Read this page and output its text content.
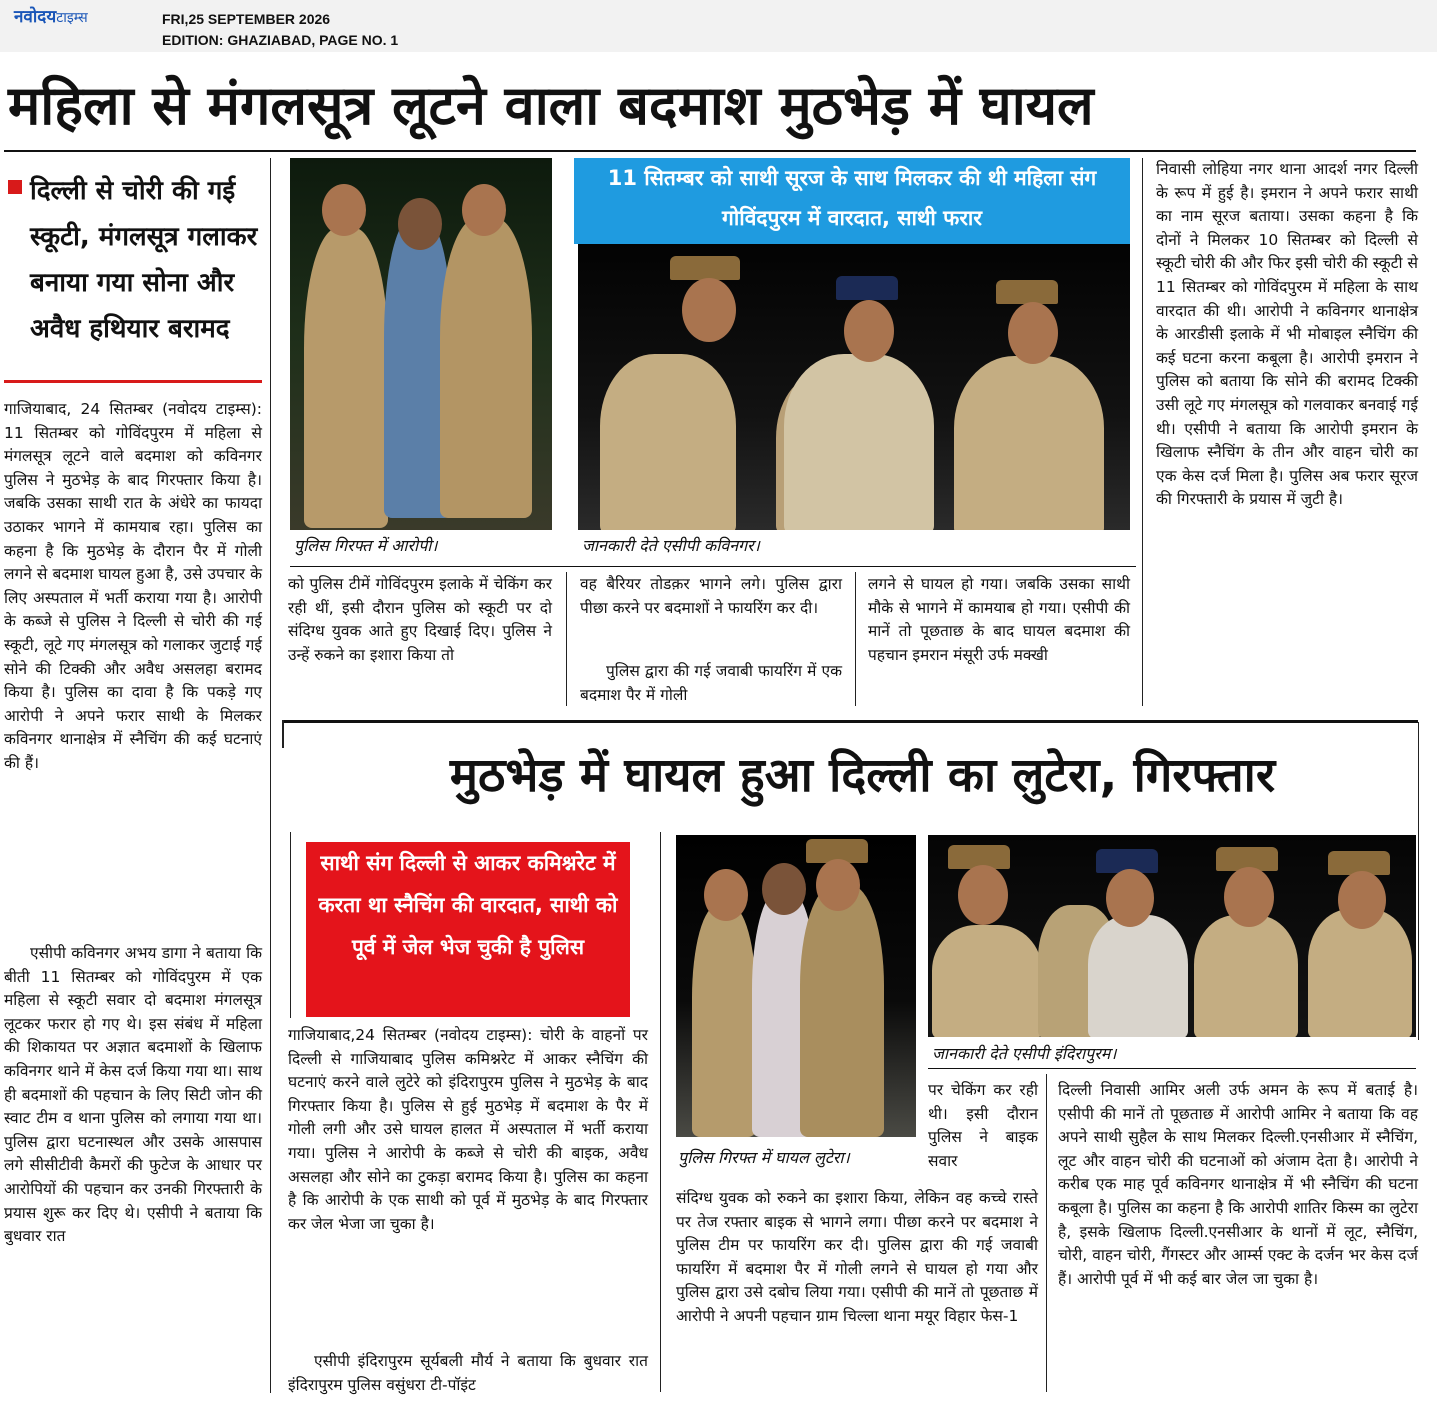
नवोदयटाइम्स	FRI,25 SEPTEMBER 2026
EDITION: GHAZIABAD, PAGE NO. 1
महिला से मंगलसूत्र लूटने वाला बदमाश मुठभेड़ में घायल
दिल्ली से चोरी की गई स्कूटी, मंगलसूत्र गलाकर बनाया गया सोना और अवैध हथियार बरामद

गाजियाबाद, 24 सितम्बर (नवोदय टाइम्स): 11 सितम्बर को गोविंदपुरम में महिला से मंगलसूत्र लूटने वाले बदमाश को कविनगर पुलिस ने मुठभेड़ के बाद गिरफ्तार किया है। जबकि उसका साथी रात के अंधेरे का फायदा उठाकर भागने में कामयाब रहा। पुलिस का कहना है कि मुठभेड़ के दौरान पैर में गोली लगने से बदमाश घायल हुआ है, उसे उपचार के लिए अस्पताल में भर्ती कराया गया है। आरोपी के कब्जे से पुलिस ने दिल्ली से चोरी की गई स्कूटी, लूटे गए मंगलसूत्र को गलाकर जुटाई गई सोने की टिक्की और अवैध असलहा बरामद किया है। पुलिस का दावा है कि पकड़े गए आरोपी ने अपने फरार साथी के मिलकर कविनगर थानाक्षेत्र में स्नैचिंग की कई घटनाएं की हैं।

एसीपी कविनगर अभय डागा ने बताया कि बीती 11 सितम्बर को गोविंदपुरम में एक महिला से स्कूटी सवार दो बदमाश मंगलसूत्र लूटकर फरार हो गए थे। इस संबंध में महिला की शिकायत पर अज्ञात बदमाशों के खिलाफ कविनगर थाने में केस दर्ज किया गया था। साथ ही बदमाशों की पहचान के लिए सिटी जोन की स्वाट टीम व थाना पुलिस को लगाया गया था। पुलिस द्वारा घटनास्थल और उसके आसपास लगे सीसीटीवी कैमरों की फुटेज के आधार पर आरोपियों की पहचान कर उनकी गिरफ्तारी के प्रयास शुरू कर दिए थे। एसीपी ने बताया कि बुधवार रात

पुलिस गिरफ्त में आरोपी।
11 सितम्बर को साथी सूरज के साथ मिलकर की थी महिला संग गोविंदपुरम में वारदात, साथी फरार
जानकारी देते एसीपी कविनगर।

को पुलिस टीमें गोविंदपुरम इलाके में चेकिंग कर रही थीं, इसी दौरान पुलिस को स्कूटी पर दो संदिग्ध युवक आते हुए दिखाई दिए। पुलिस ने उन्हें रुकने का इशारा किया तो

वह बैरियर तोडक़र भागने लगे। पुलिस द्वारा पीछा करने पर बदमाशों ने फायरिंग कर दी।

पुलिस द्वारा की गई जवाबी फायरिंग में एक बदमाश पैर में गोली

लगने से घायल हो गया। जबकि उसका साथी मौके से भागने में कामयाब हो गया। एसीपी की मानें तो पूछताछ के बाद घायल बदमाश की पहचान इमरान मंसूरी उर्फ मक्खी

निवासी लोहिया नगर थाना आदर्श नगर दिल्ली के रूप में हुई है। इमरान ने अपने फरार साथी का नाम सूरज बताया। उसका कहना है कि दोनों ने मिलकर 10 सितम्बर को दिल्ली से स्कूटी चोरी की और फिर इसी चोरी की स्कूटी से 11 सितम्बर को गोविंदपुरम में महिला के साथ वारदात की थी। आरोपी ने कविनगर थानाक्षेत्र के आरडीसी इलाके में भी मोबाइल स्नैचिंग की कई घटना करना कबूला है। आरोपी इमरान ने पुलिस को बताया कि सोने की बरामद टिक्की उसी लूटे गए मंगलसूत्र को गलवाकर बनवाई गई थी। एसीपी ने बताया कि आरोपी इमरान के खिलाफ स्नैचिंग के तीन और वाहन चोरी का एक केस दर्ज मिला है। पुलिस अब फरार सूरज की गिरफ्तारी के प्रयास में जुटी है।

मुठभेड़ में घायल हुआ दिल्ली का लुटेरा, गिरफ्तार
साथी संग दिल्ली से आकर कमिश्नरेट में करता था स्नैचिंग की वारदात, साथी को पूर्व में जेल भेज चुकी है पुलिस

गाजियाबाद,24 सितम्बर (नवोदय टाइम्स): चोरी के वाहनों पर दिल्ली से गाजियाबाद पुलिस कमिश्नरेट में आकर स्नैचिंग की घटनाएं करने वाले लुटेरे को इंदिरापुरम पुलिस ने मुठभेड़ के बाद गिरफ्तार किया है। पुलिस से हुई मुठभेड़ में बदमाश के पैर में गोली लगी और उसे घायल हालत में अस्पताल में भर्ती कराया गया। पुलिस ने आरोपी के कब्जे से चोरी की बाइक, अवैध असलहा और सोने का टुकड़ा बरामद किया है। पुलिस का कहना है कि आरोपी के एक साथी को पूर्व में मुठभेड़ के बाद गिरफ्तार कर जेल भेजा जा चुका है।

एसीपी इंदिरापुरम सूर्यबली मौर्य ने बताया कि बुधवार रात इंदिरापुरम पुलिस वसुंधरा टी-पॉइंट

पुलिस गिरफ्त में घायल लुटेरा।
जानकारी देते एसीपी इंदिरापुरम।

पर चेकिंग कर रही थी। इसी दौरान पुलिस ने बाइक सवार

संदिग्ध युवक को रुकने का इशारा किया, लेकिन वह कच्चे रास्ते पर तेज रफ्तार बाइक से भागने लगा। पीछा करने पर बदमाश ने पुलिस टीम पर फायरिंग कर दी। पुलिस द्वारा की गई जवाबी फायरिंग में बदमाश पैर में गोली लगने से घायल हो गया और पुलिस द्वारा उसे दबोच लिया गया। एसीपी की मानें तो पूछताछ में आरोपी ने अपनी पहचान ग्राम चिल्ला थाना मयूर विहार फेस-1

दिल्ली निवासी आमिर अली उर्फ अमन के रूप में बताई है। एसीपी की मानें तो पूछताछ में आरोपी आमिर ने बताया कि वह अपने साथी सुहैल के साथ मिलकर दिल्ली.एनसीआर में स्नैचिंग, लूट और वाहन चोरी की घटनाओं को अंजाम देता है। आरोपी ने करीब एक माह पूर्व कविनगर थानाक्षेत्र में भी स्नैचिंग की घटना कबूला है। पुलिस का कहना है कि आरोपी शातिर किस्म का लुटेरा है, इसके खिलाफ दिल्ली.एनसीआर के थानों में लूट, स्नैचिंग, चोरी, वाहन चोरी, गैंगस्टर और आर्म्स एक्ट के दर्जन भर केस दर्ज हैं। आरोपी पूर्व में भी कई बार जेल जा चुका है।
